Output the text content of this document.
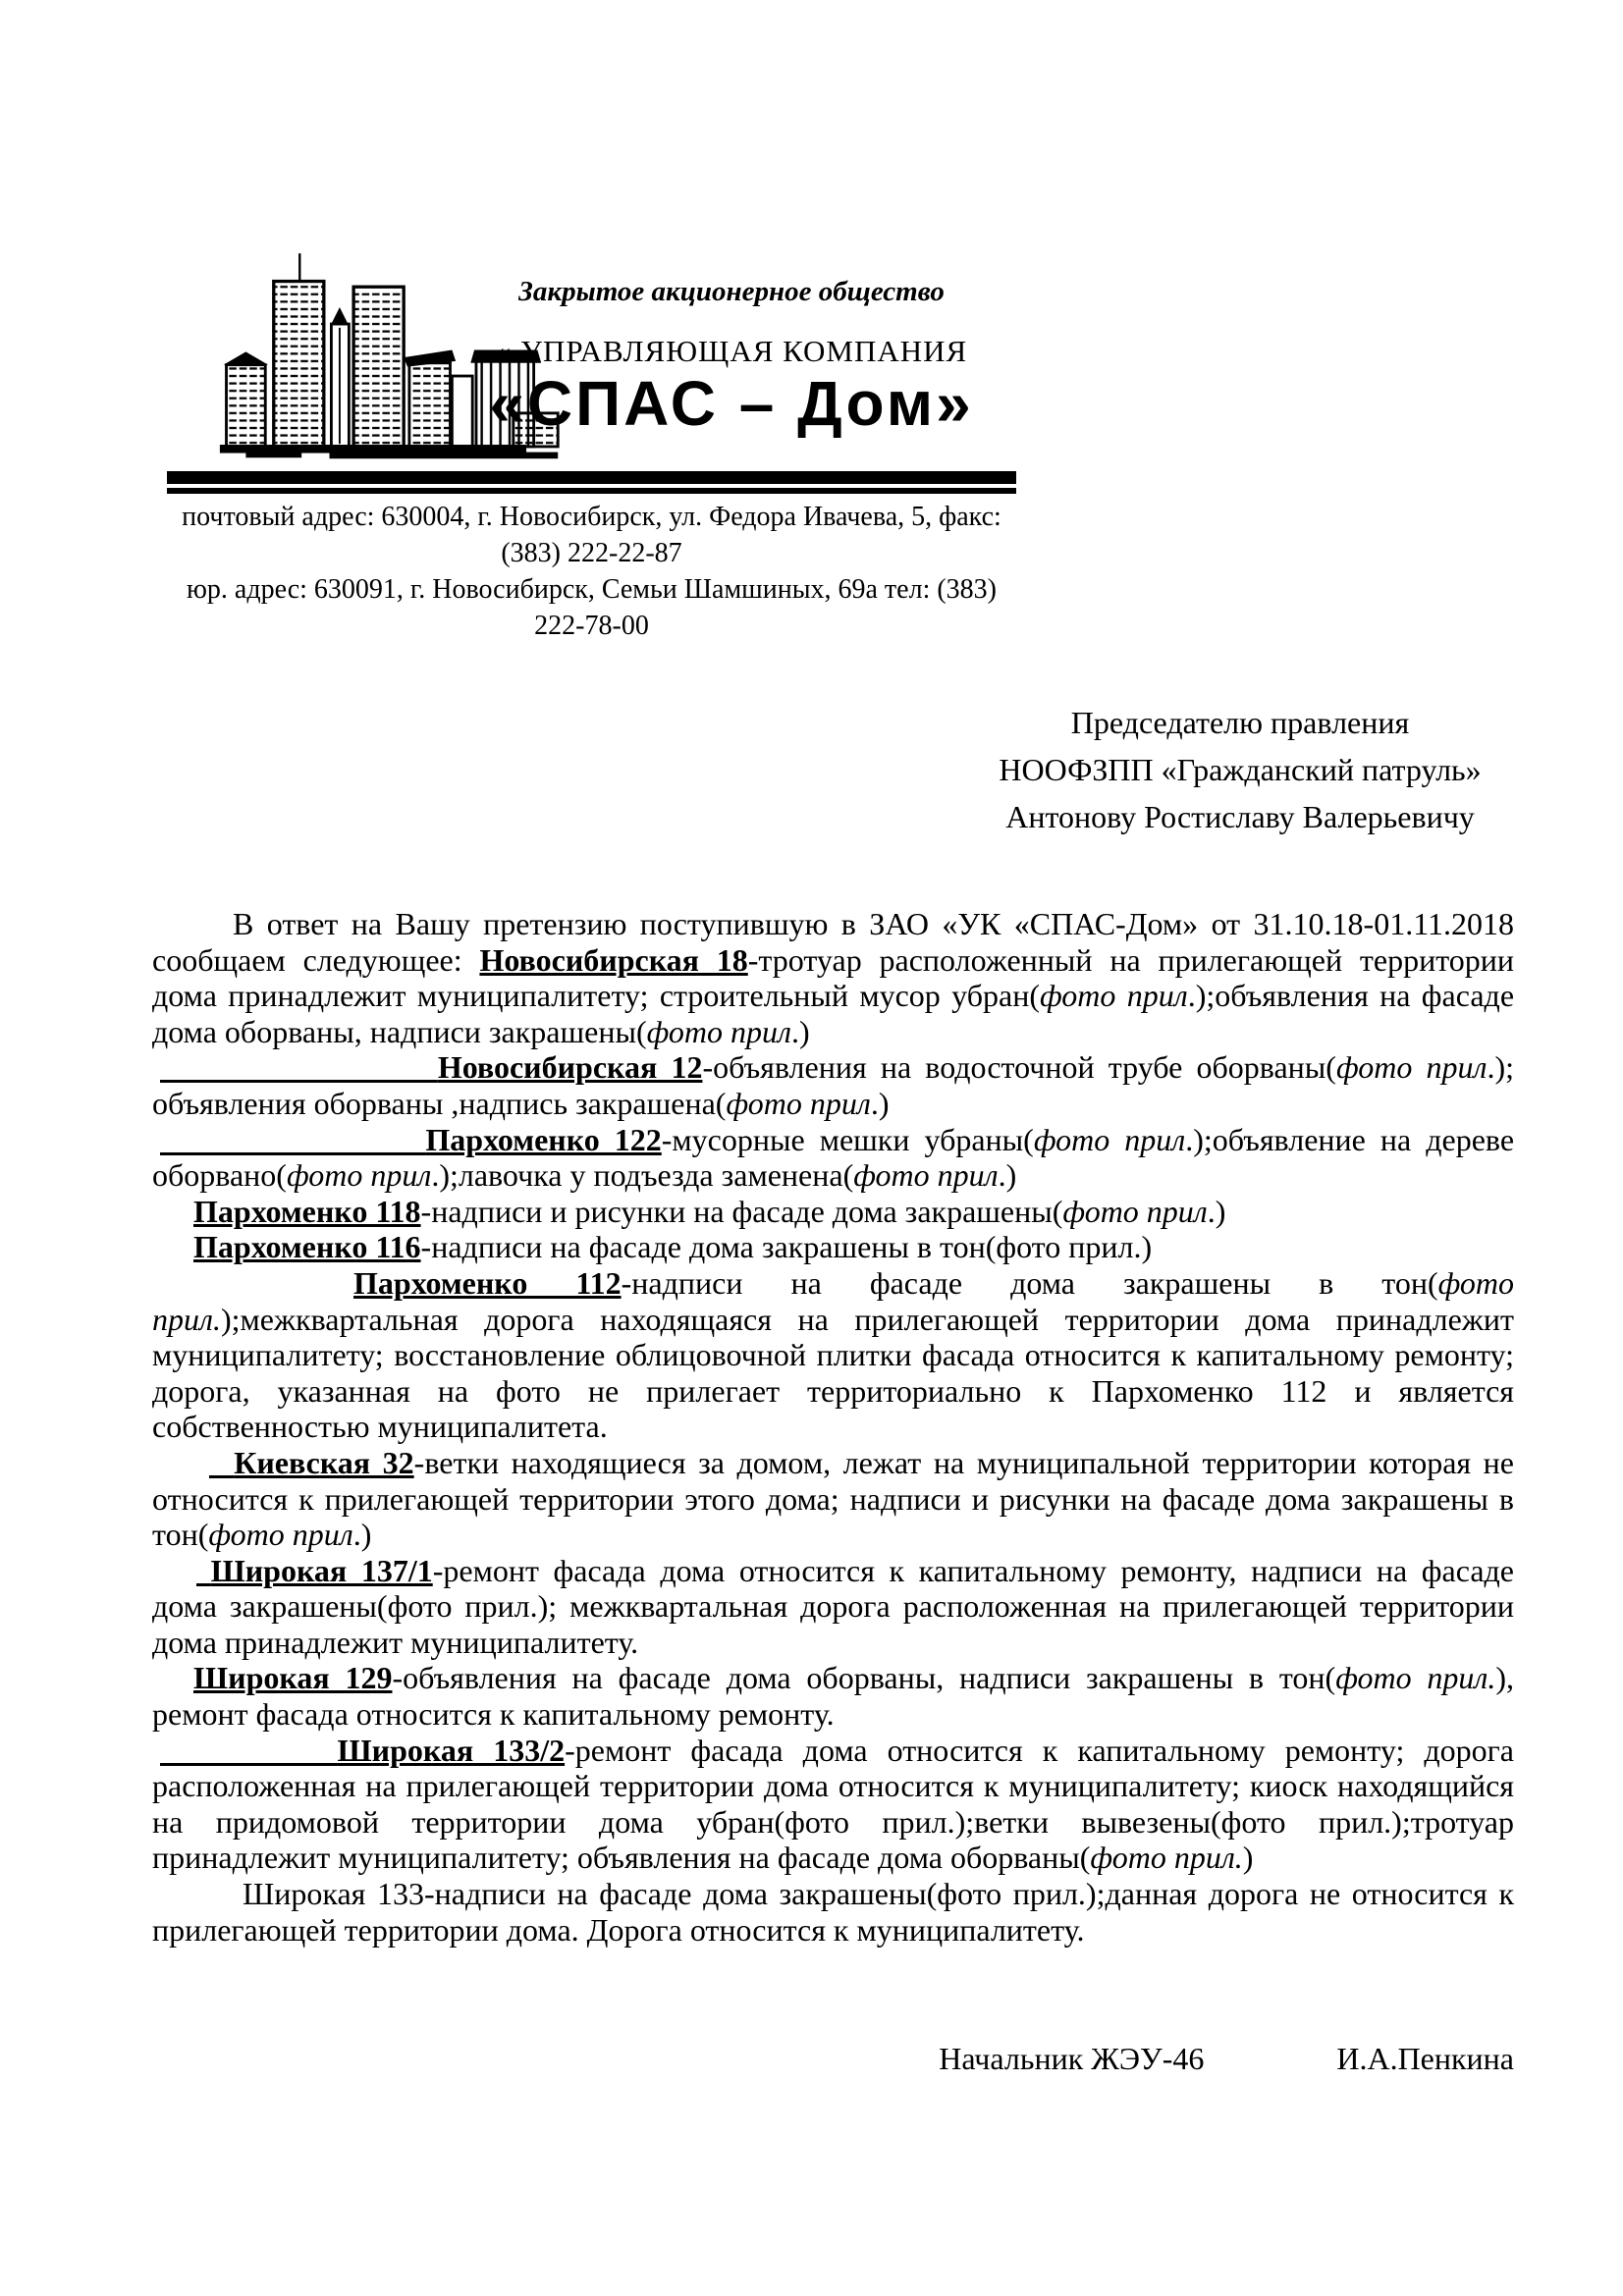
Закрытое акционерное общество

« УПРАВЛЯЮЩАЯ КОМПАНИЯ

«СПАС – Дом»

почтовый адрес: 630004, г. Новосибирск, ул. Федора Ивачева, 5, факс: (383) 222-22-87
юр. адрес: 630091, г. Новосибирск, Семьи Шамшиных, 69а тел: (383) 222-78-00
Председателю правления
НООФЗПП «Гражданский патруль»
Антонову Ростиславу Валерьевичу

В ответ на Вашу претензию поступившую в ЗАО «УК «СПАС-Дом» от 31.10.18-01.11.2018 сообщаем следующее: Новосибирская 18-тротуар расположенный на прилегающей территории дома принадлежит муниципалитету; строительный мусор убран(фото прил.);объявления на фасаде дома оборваны, надписи закрашены(фото прил.)

Новосибирская 12-объявления на водосточной трубе оборваны(фото прил.); объявления оборваны ,надпись закрашена(фото прил.)

Пархоменко 122-мусорные мешки убраны(фото прил.);объявление на дереве оборвано(фото прил.);лавочка у подъезда заменена(фото прил.)

Пархоменко 118-надписи и рисунки на фасаде дома закрашены(фото прил.)

Пархоменко 116-надписи на фасаде дома закрашены в тон(фото прил.)

Пархоменко 112-надписи на фасаде дома закрашены в тон(фото прил.);межквартальная дорога находящаяся на прилегающей территории дома принадлежит муниципалитету; восстановление облицовочной плитки фасада относится к капитальному ремонту; дорога, указанная на фото не прилегает территориально к Пархоменко 112 и является собственностью муниципалитета.

Киевская 32-ветки находящиеся за домом, лежат на муниципальной территории которая не относится к прилегающей территории этого дома; надписи и рисунки на фасаде дома закрашены в тон(фото прил.)

Широкая 137/1-ремонт фасада дома относится к капитальному ремонту, надписи на фасаде дома закрашены(фото прил.); межквартальная дорога расположенная на прилегающей территории дома принадлежит муниципалитету.

Широкая 129-объявления на фасаде дома оборваны, надписи закрашены в тон(фото прил.), ремонт фасада относится к капитальному ремонту.

Широкая 133/2-ремонт фасада дома относится к капитальному ремонту; дорога расположенная на прилегающей территории дома относится к муниципалитету; киоск находящийся на придомовой территории дома убран(фото прил.);ветки вывезены(фото прил.);тротуар принадлежит муниципалитету; объявления на фасаде дома оборваны(фото прил.)

Широкая 133-надписи на фасаде дома закрашены(фото прил.);данная дорога не относится к прилегающей территории дома. Дорога относится к муниципалитету.

Начальник ЖЭУ-46	И.А.Пенкина
